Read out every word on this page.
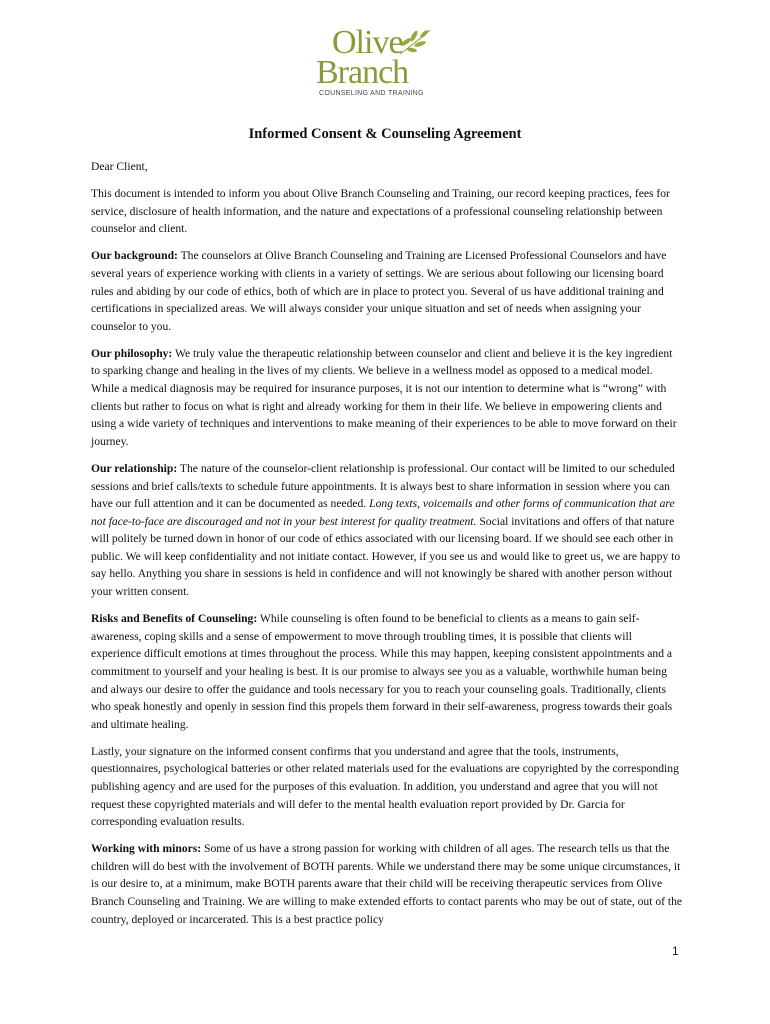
Olive
Branch
COUNSELING AND TRAINING
Informed Consent & Counseling Agreement

Dear Client,

This document is intended to inform you about Olive Branch Counseling and Training, our record keeping practices, fees for service, disclosure of health information, and the nature and expectations of a professional counseling relationship between counselor and client.

Our background: The counselors at Olive Branch Counseling and Training are Licensed Professional Counselors and have several years of experience working with clients in a variety of settings. We are serious about following our licensing board rules and abiding by our code of ethics, both of which are in place to protect you. Several of us have additional training and certifications in specialized areas. We will always consider your unique situation and set of needs when assigning your counselor to you.

Our philosophy: We truly value the therapeutic relationship between counselor and client and believe it is the key ingredient to sparking change and healing in the lives of my clients. We believe in a wellness model as opposed to a medical model. While a medical diagnosis may be required for insurance purposes, it is not our intention to determine what is “wrong” with clients but rather to focus on what is right and already working for them in their life. We believe in empowering clients and using a wide variety of techniques and interventions to make meaning of their experiences to be able to move forward on their journey.

Our relationship: The nature of the counselor-client relationship is professional. Our contact will be limited to our scheduled sessions and brief calls/texts to schedule future appointments. It is always best to share information in session where you can have our full attention and it can be documented as needed. Long texts, voicemails and other forms of communication that are not face-to-face are discouraged and not in your best interest for quality treatment. Social invitations and offers of that nature will politely be turned down in honor of our code of ethics associated with our licensing board. If we should see each other in public. We will keep confidentiality and not initiate contact. However, if you see us and would like to greet us, we are happy to say hello. Anything you share in sessions is held in confidence and will not knowingly be shared with another person without your written consent.

Risks and Benefits of Counseling: While counseling is often found to be beneficial to clients as a means to gain self-awareness, coping skills and a sense of empowerment to move through troubling times, it is possible that clients will experience difficult emotions at times throughout the process. While this may happen, keeping consistent appointments and a commitment to yourself and your healing is best. It is our promise to always see you as a valuable, worthwhile human being and always our desire to offer the guidance and tools necessary for you to reach your counseling goals. Traditionally, clients who speak honestly and openly in session find this propels them forward in their self-awareness, progress towards their goals and ultimate healing.

Lastly, your signature on the informed consent confirms that you understand and agree that the tools, instruments, questionnaires, psychological batteries or other related materials used for the evaluations are copyrighted by the corresponding publishing agency and are used for the purposes of this evaluation. In addition, you understand and agree that you will not request these copyrighted materials and will defer to the mental health evaluation report provided by Dr. Garcia for corresponding evaluation results.

Working with minors: Some of us have a strong passion for working with children of all ages. The research tells us that the children will do best with the involvement of BOTH parents. While we understand there may be some unique circumstances, it is our desire to, at a minimum, make BOTH parents aware that their child will be receiving therapeutic services from Olive Branch Counseling and Training. We are willing to make extended efforts to contact parents who may be out of state, out of the country, deployed or incarcerated. This is a best practice policy

1
